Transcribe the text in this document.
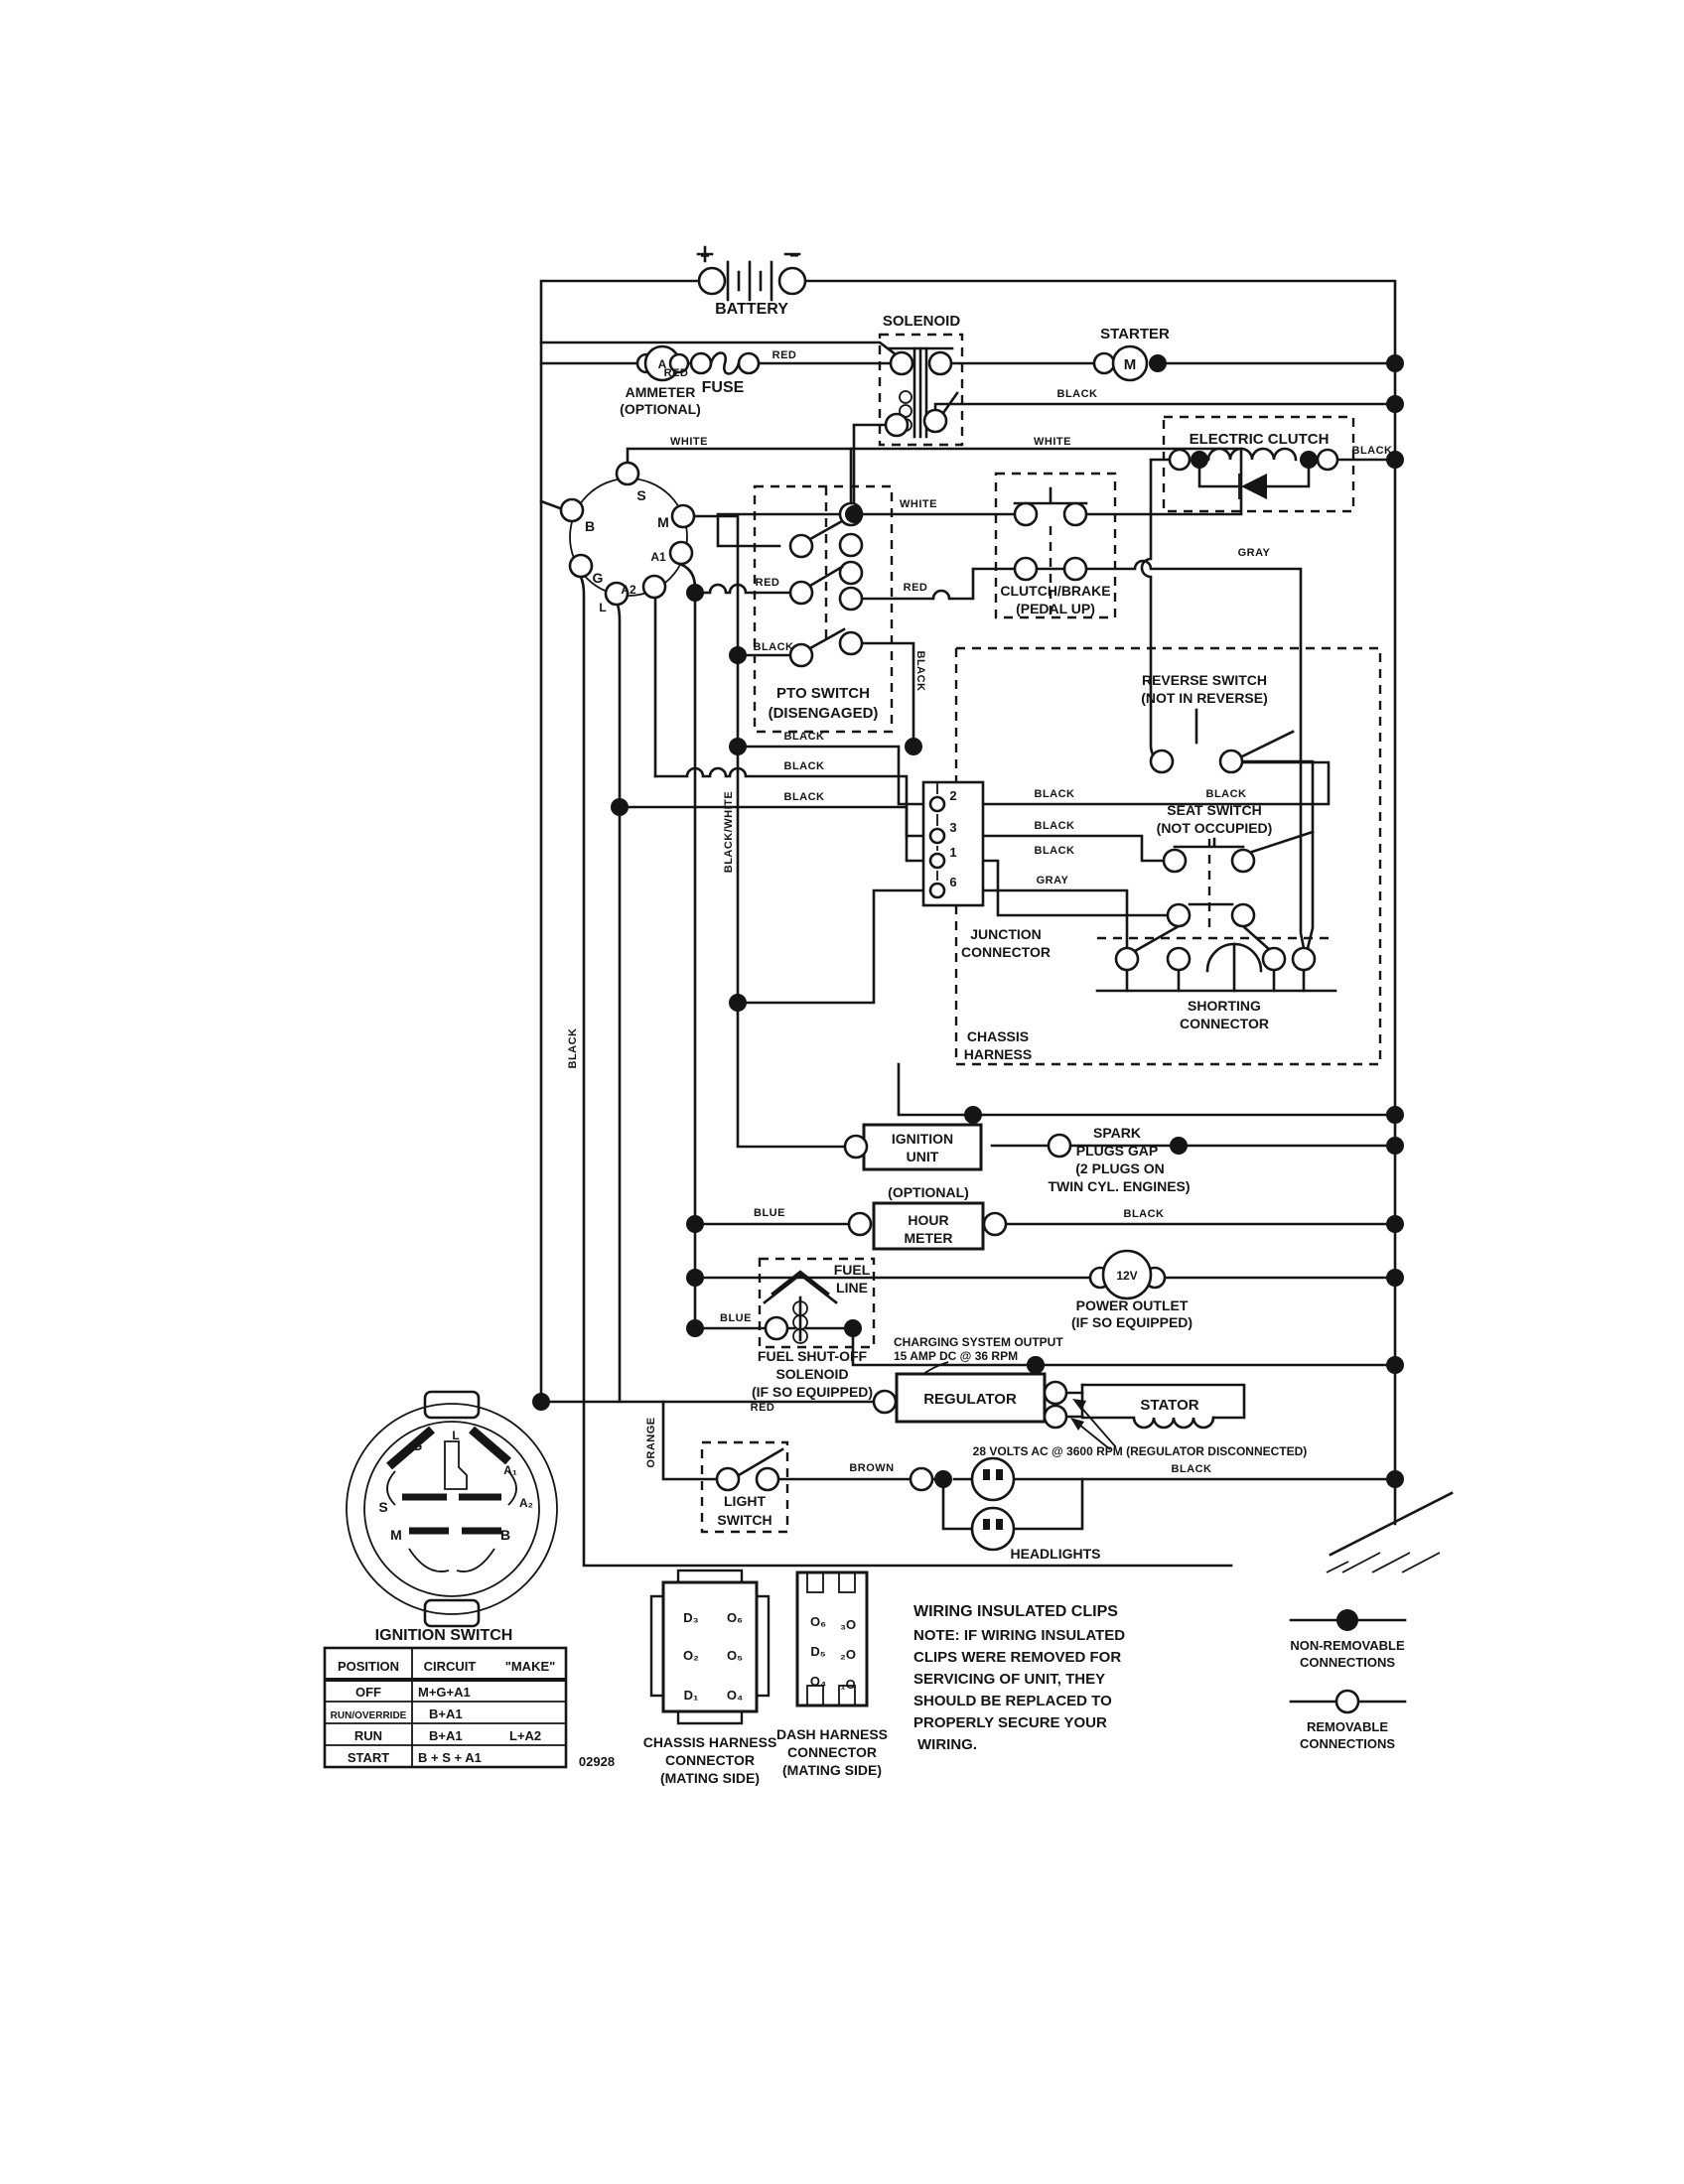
BATTERY
+	−
SOLENOID
STARTER
M
A
AMMETER
(OPTIONAL)
FUSE
ELECTRIC CLUTCH
CLUTCH/BRAKE
(PEDAL UP)
PTO SWITCH
(DISENGAGED)
REVERSE SWITCH
(NOT IN REVERSE)
SEAT SWITCH
(NOT OCCUPIED)
JUNCTION
CONNECTOR
SHORTING
CONNECTOR
CHASSIS
HARNESS
IGNITION
UNIT
SPARK
PLUGS GAP
(2 PLUGS ON
TWIN CYL. ENGINES)
(OPTIONAL)
HOUR
METER
FUEL
LINE
FUEL SHUT-OFF
SOLENOID
(IF SO EQUIPPED)
CHARGING SYSTEM OUTPUT
15 AMP DC @ 36 RPM
12V
POWER OUTLET
(IF SO EQUIPPED)
REGULATOR	STATOR
28 VOLTS AC @ 3600 RPM (REGULATOR DISCONNECTED)
LIGHT
SWITCH
HEADLIGHTS
RED
RED
RED	RED
RED
WHITE	WHITE
WHITE
BLACK
BLACK
BLACK
BLACK
BLACK
BLACK
BLACK	BLACK	BLACK
BLACK
BLACK
BLACK
BLACK
BLACK
BLACK/WHITE
GRAY
GRAY
BLUE
BLUE
BROWN
ORANGE
S
B	M
A1
A2
G
L
G
L
A₁
A₂
S
M	B
IGNITION SWITCH
POSITION CIRCUIT "MAKE"
OFF	M+G+A1
RUN/OVERRIDE B+A1
RUN	B+A1	L+A2
START B + S + A1	02928
2
3
1
6
D₃ O₆
O₂ O₅
D₁ O₄
CHASSIS HARNESS
CONNECTOR
(MATING SIDE)
O₆ ₃O
D₅ ₂O
O₄ ₁O
DASH HARNESS
CONNECTOR
(MATING SIDE)
WIRING INSULATED CLIPS
NOTE: IF WIRING INSULATED
CLIPS WERE REMOVED FOR
SERVICING OF UNIT, THEY
SHOULD BE REPLACED TO
PROPERLY SECURE YOUR
WIRING.
NON-REMOVABLE
CONNECTIONS
REMOVABLE
CONNECTIONS
